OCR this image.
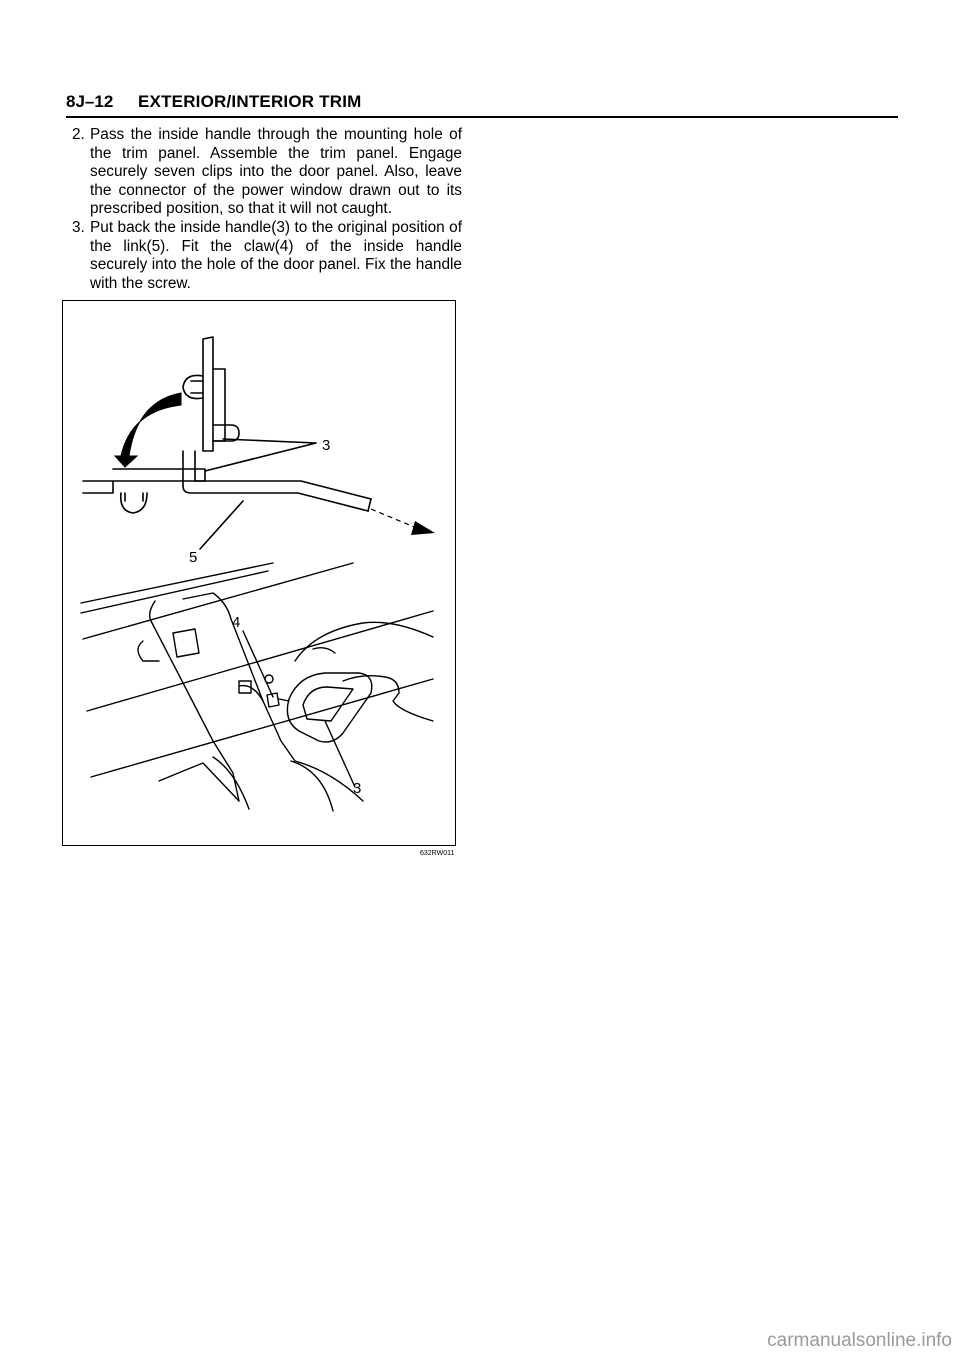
8J–12 EXTERIOR/INTERIOR TRIM
2. Pass the inside handle through the mounting hole of the trim panel. Assemble the trim panel. Engage securely seven clips into the door panel. Also, leave the connector of the power window drawn out to its prescribed position, so that it will not caught.
3. Put back the inside handle(3) to the original position of the link(5). Fit the claw(4) of the inside handle securely into the hole of the door panel. Fix the handle with the screw.
3
5
4
3
632RW011
carmanualsonline.info
